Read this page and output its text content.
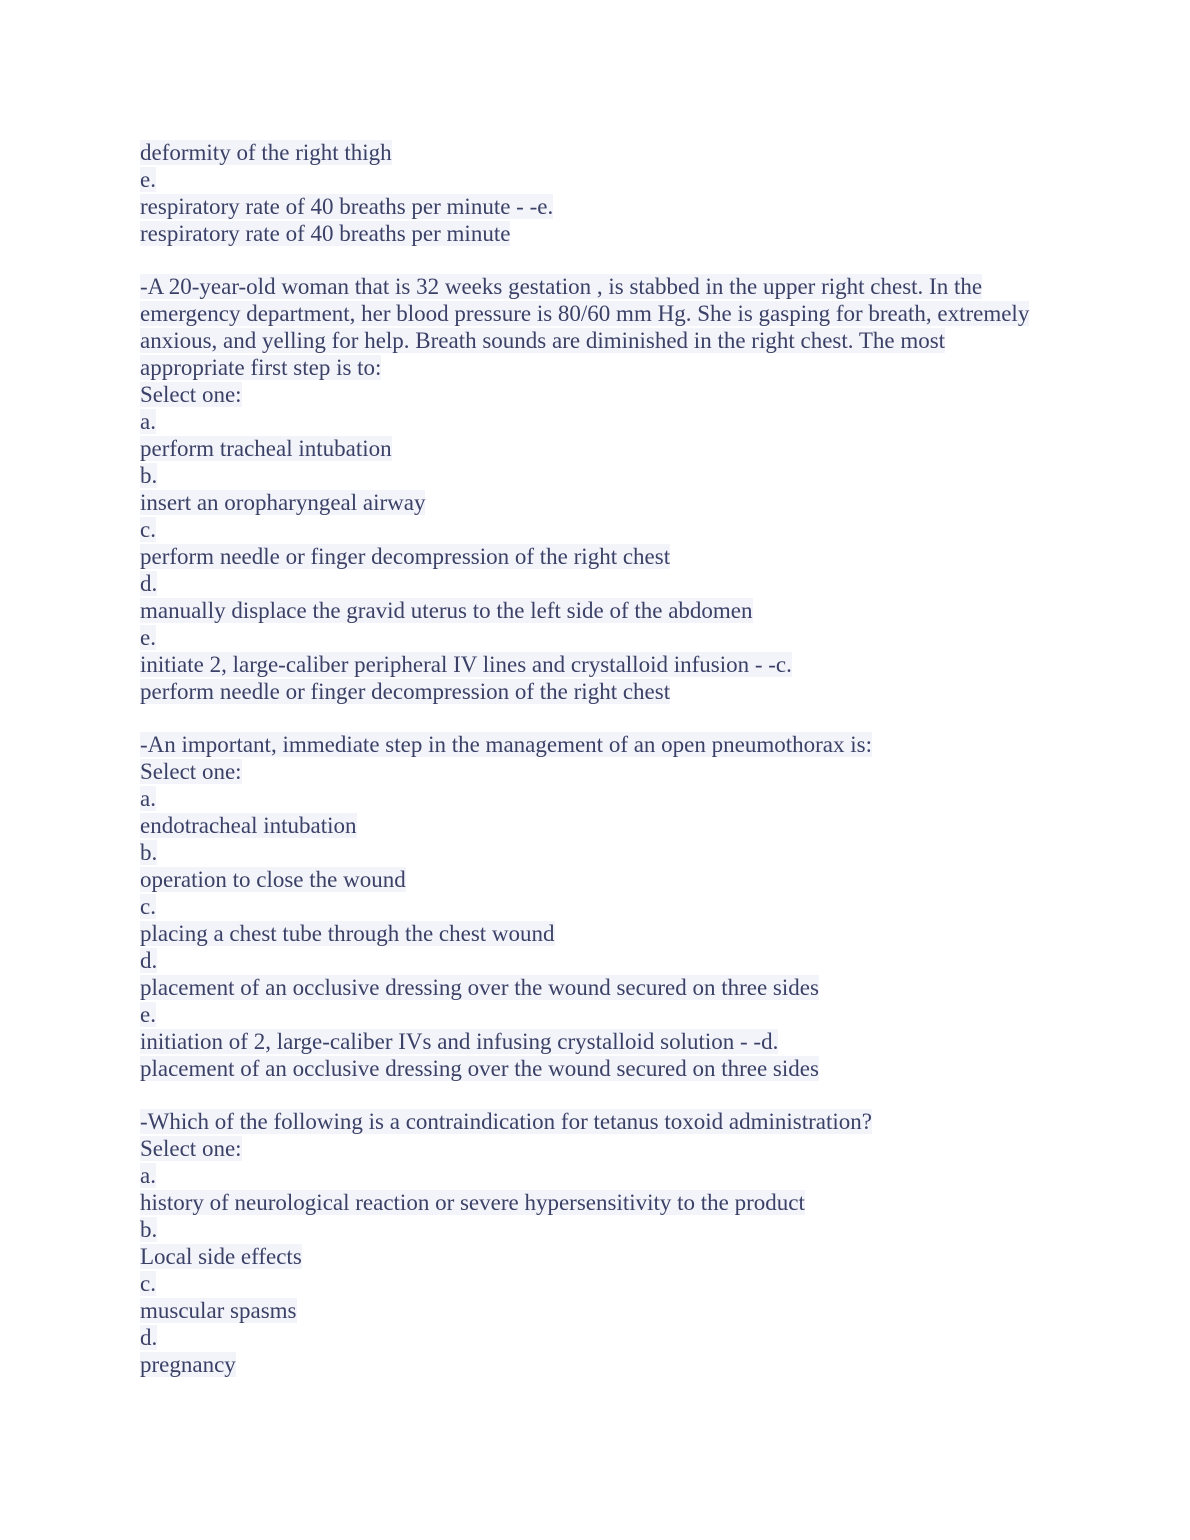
deformity of the right thigh
e.
respiratory rate of 40 breaths per minute - -e.
respiratory rate of 40 breaths per minute
-A 20-year-old woman that is 32 weeks gestation , is stabbed in the upper right chest. In the
emergency department, her blood pressure is 80/60 mm Hg. She is gasping for breath, extremely
anxious, and yelling for help. Breath sounds are diminished in the right chest. The most
appropriate first step is to:
Select one:
a.
perform tracheal intubation
b.
insert an oropharyngeal airway
c.
perform needle or finger decompression of the right chest
d.
manually displace the gravid uterus to the left side of the abdomen
e.
initiate 2, large-caliber peripheral IV lines and crystalloid infusion - -c.
perform needle or finger decompression of the right chest
-An important, immediate step in the management of an open pneumothorax is:
Select one:
a.
endotracheal intubation
b.
operation to close the wound
c.
placing a chest tube through the chest wound
d.
placement of an occlusive dressing over the wound secured on three sides
e.
initiation of 2, large-caliber IVs and infusing crystalloid solution - -d.
placement of an occlusive dressing over the wound secured on three sides
-Which of the following is a contraindication for tetanus toxoid administration?
Select one:
a.
history of neurological reaction or severe hypersensitivity to the product
b.
Local side effects
c.
muscular spasms
d.
pregnancy
